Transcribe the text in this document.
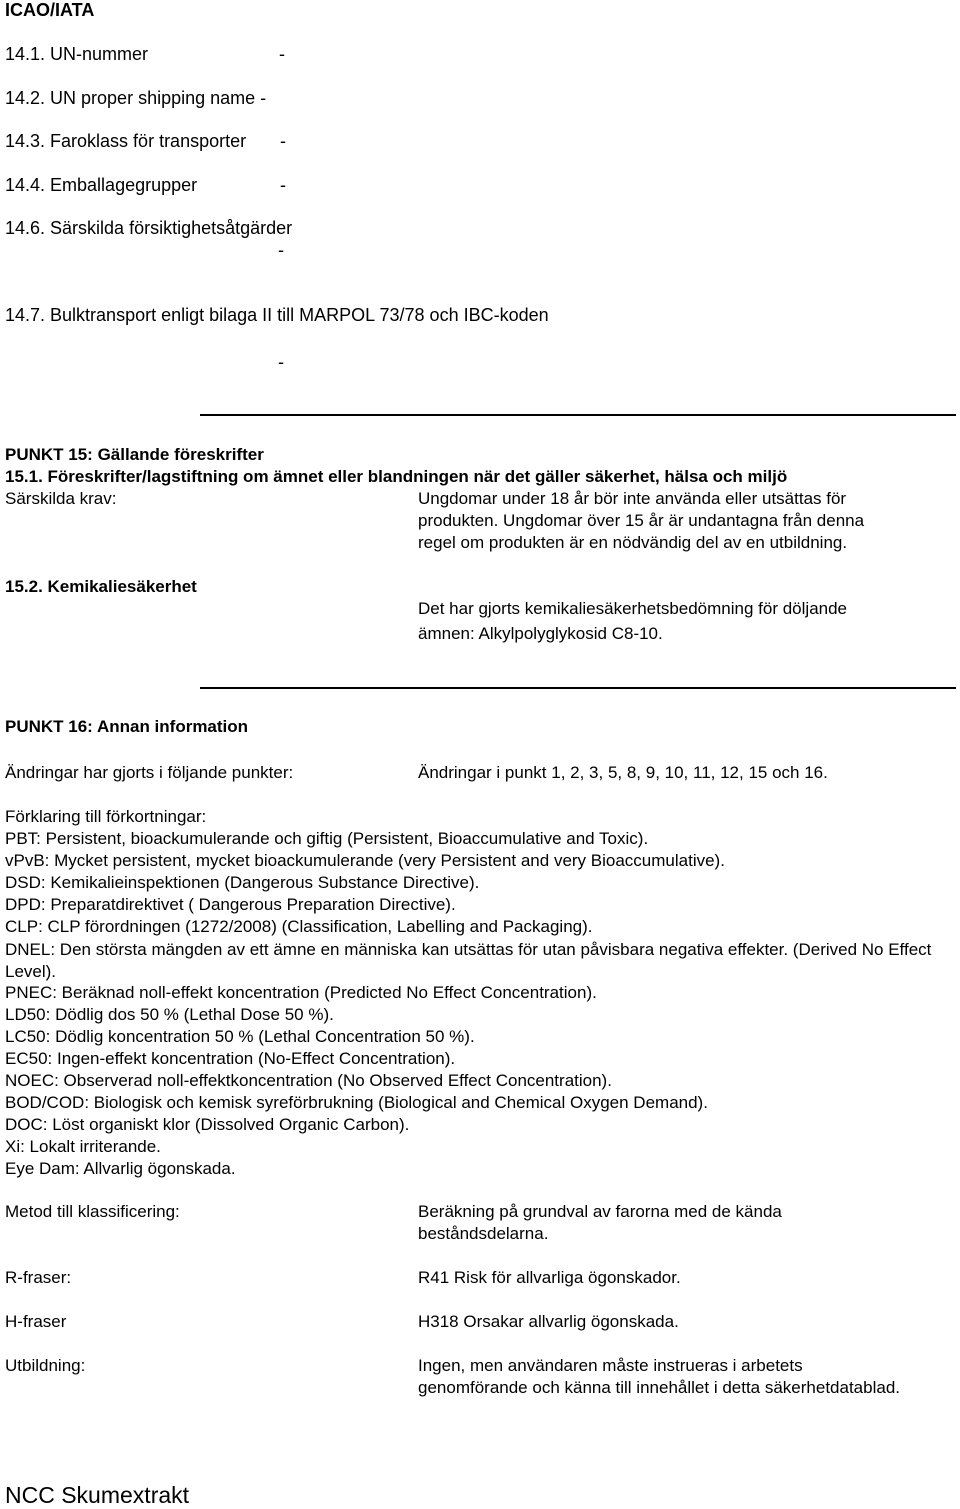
ICAO/IATA
14.1. UN-nummer	-
14.2. UN proper shipping name -
14.3. Faroklass för transporter -
14.4. Emballagegrupper	-
14.6. Särskilda försiktighetsåtgärder
-
14.7. Bulktransport enligt bilaga II till MARPOL 73/78 och IBC-koden
-
PUNKT 15: Gällande föreskrifter
15.1. Föreskrifter/lagstiftning om ämnet eller blandningen när det gäller säkerhet, hälsa och miljö
Särskilda krav:	Ungdomar under 18 år bör inte använda eller utsättas för
produkten. Ungdomar över 15 år är undantagna från denna
regel om produkten är en nödvändig del av en utbildning.
15.2. Kemikaliesäkerhet
Det har gjorts kemikaliesäkerhetsbedömning för döljande
ämnen: Alkylpolyglykosid C8-10.
PUNKT 16: Annan information
Ändringar har gjorts i följande punkter:	Ändringar i punkt 1, 2, 3, 5, 8, 9, 10, 11, 12, 15 och 16.
Förklaring till förkortningar:
PBT: Persistent, bioackumulerande och giftig (Persistent, Bioaccumulative and Toxic).
vPvB: Mycket persistent, mycket bioackumulerande (very Persistent and very Bioaccumulative).
DSD: Kemikalieinspektionen (Dangerous Substance Directive).
DPD: Preparatdirektivet ( Dangerous Preparation Directive).
CLP: CLP förordningen (1272/2008) (Classification, Labelling and Packaging).
DNEL: Den största mängden av ett ämne en människa kan utsättas för utan påvisbara negativa effekter. (Derived No Effect Level).
PNEC: Beräknad noll-effekt koncentration (Predicted No Effect Concentration).
LD50: Dödlig dos 50 % (Lethal Dose 50 %).
LC50: Dödlig koncentration 50 % (Lethal Concentration 50 %).
EC50: Ingen-effekt koncentration (No-Effect Concentration).
NOEC: Observerad noll-effektkoncentration (No Observed Effect Concentration).
BOD/COD: Biologisk och kemisk syreförbrukning (Biological and Chemical Oxygen Demand).
DOC: Löst organiskt klor (Dissolved Organic Carbon).
Xi: Lokalt irriterande.
Eye Dam: Allvarlig ögonskada.
Metod till klassificering:	Beräkning på grundval av farorna med de kända
beståndsdelarna.
R-fraser:	R41 Risk för allvarliga ögonskador.
H-fraser	H318 Orsakar allvarlig ögonskada.
Utbildning:	Ingen, men användaren måste instrueras i arbetets
genomförande och känna till innehållet i detta säkerhetdatablad.
NCC Skumextrakt
